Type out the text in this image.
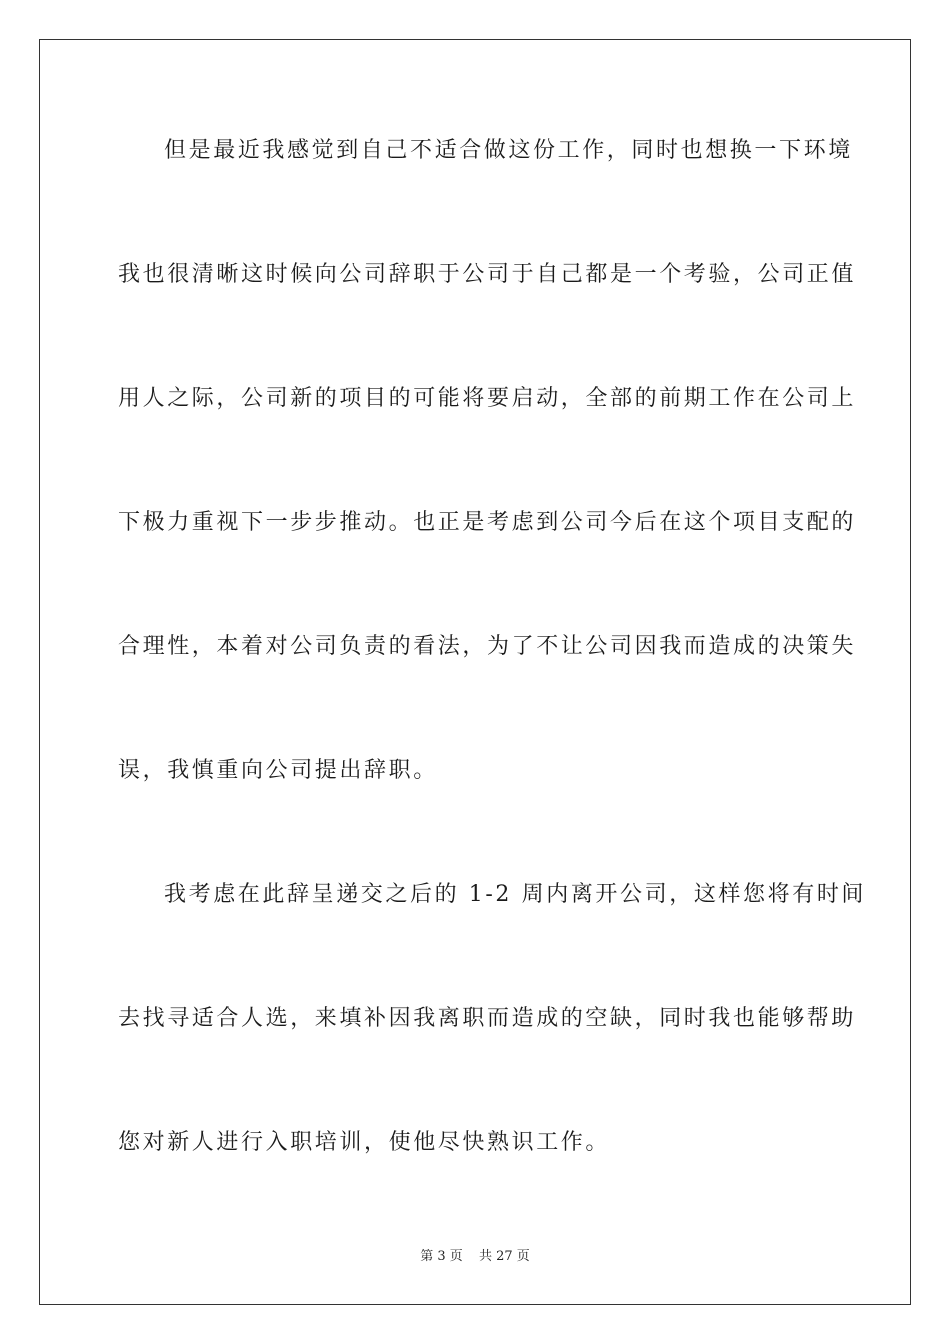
但是最近我感觉到自己不适合做这份工作，同时也想换一下环境
我也很清晰这时候向公司辞职于公司于自己都是一个考验，公司正值
用人之际，公司新的项目的可能将要启动，全部的前期工作在公司上
下极力重视下一步步推动。也正是考虑到公司今后在这个项目支配的
合理性，本着对公司负责的看法，为了不让公司因我而造成的决策失
误，我慎重向公司提出辞职。
我考虑在此辞呈递交之后的 1-2 周内离开公司，这样您将有时间
去找寻适合人选，来填补因我离职而造成的空缺，同时我也能够帮助
您对新人进行入职培训，使他尽快熟识工作。
第 3 页 共 27 页
